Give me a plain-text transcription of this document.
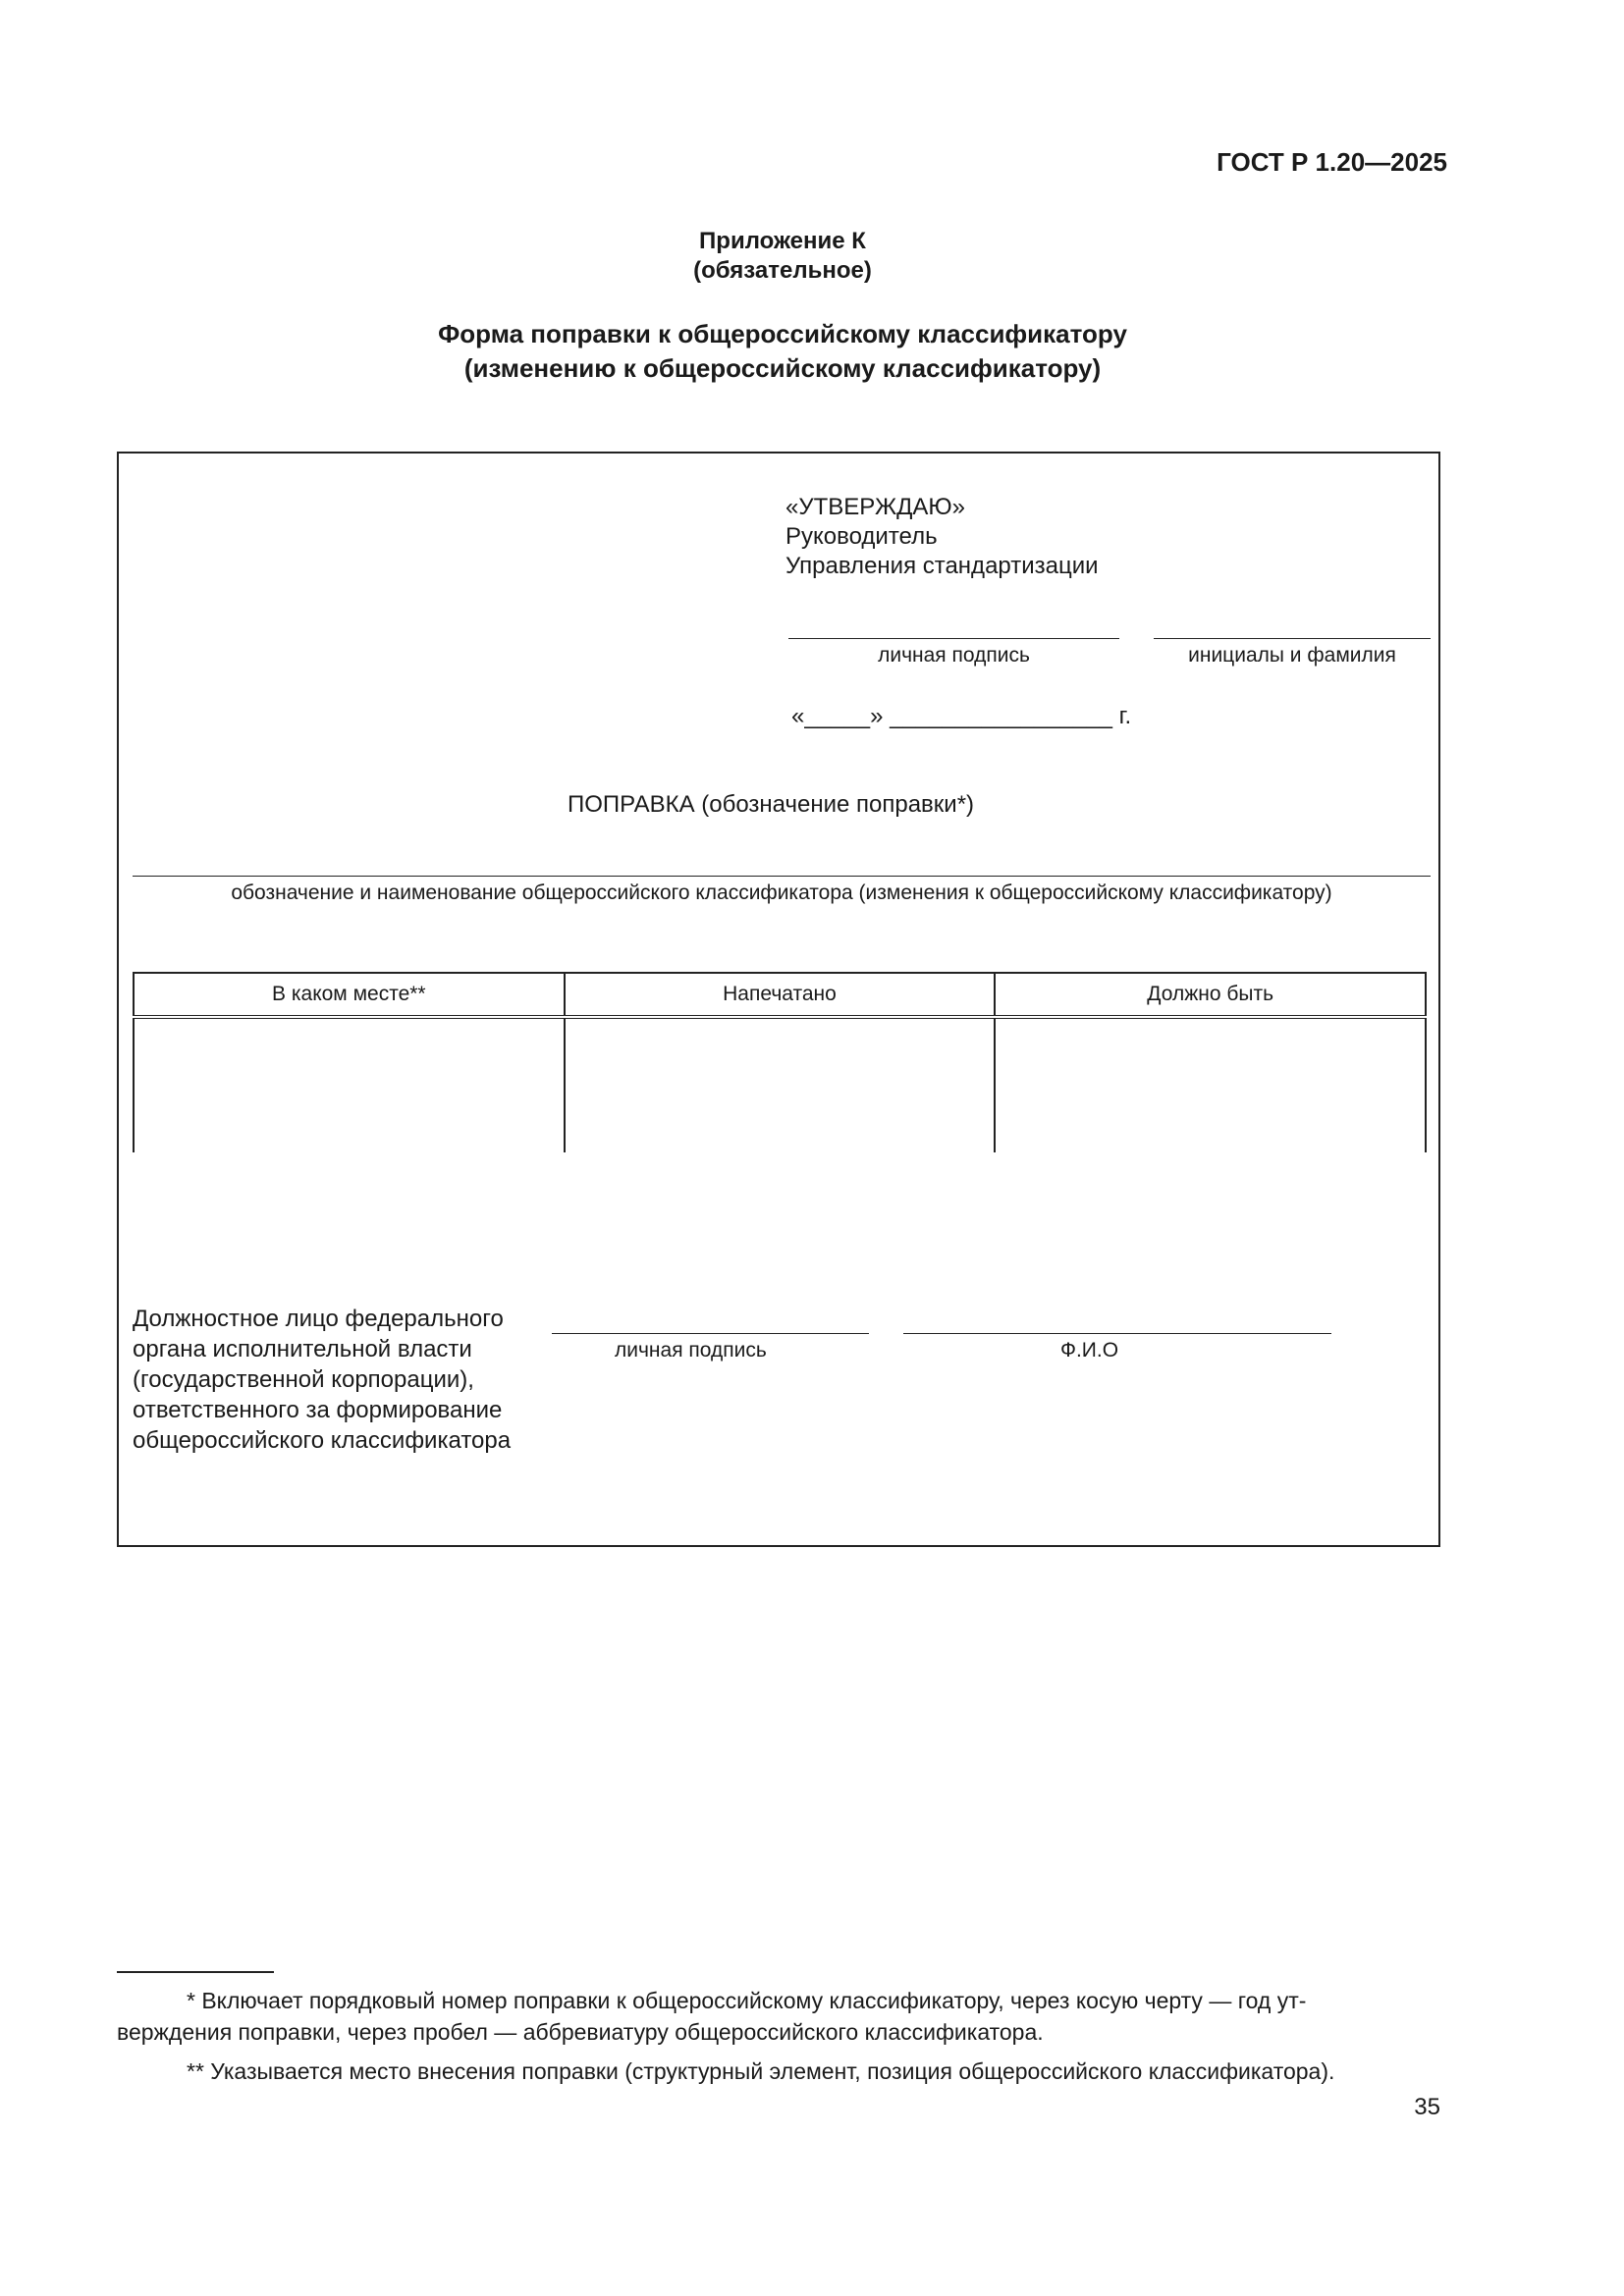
ГОСТ Р 1.20—2025
Приложение К
(обязательное)
Форма поправки к общероссийскому классификатору
(изменению к общероссийскому классификатору)
«УТВЕРЖДАЮ»
Руководитель
Управления стандартизации
личная подпись	инициалы и фамилия
«_____» _________________ г.
ПОПРАВКА (обозначение поправки*)
обозначение и наименование общероссийского классификатора (изменения к общероссийскому классификатору)
В каком месте**	Напечатано	Должно быть

Должностное лицо федерального
органа исполнительной власти
(государственной корпорации),
ответственного за формирование
общероссийского классификатора
личная подпись	Ф.И.О
* Включает порядковый номер поправки к общероссийскому классификатору, через косую черту — год ут-
верждения поправки, через пробел — аббревиатуру общероссийского классификатора.
** Указывается место внесения поправки (структурный элемент, позиция общероссийского классификатора).
35
